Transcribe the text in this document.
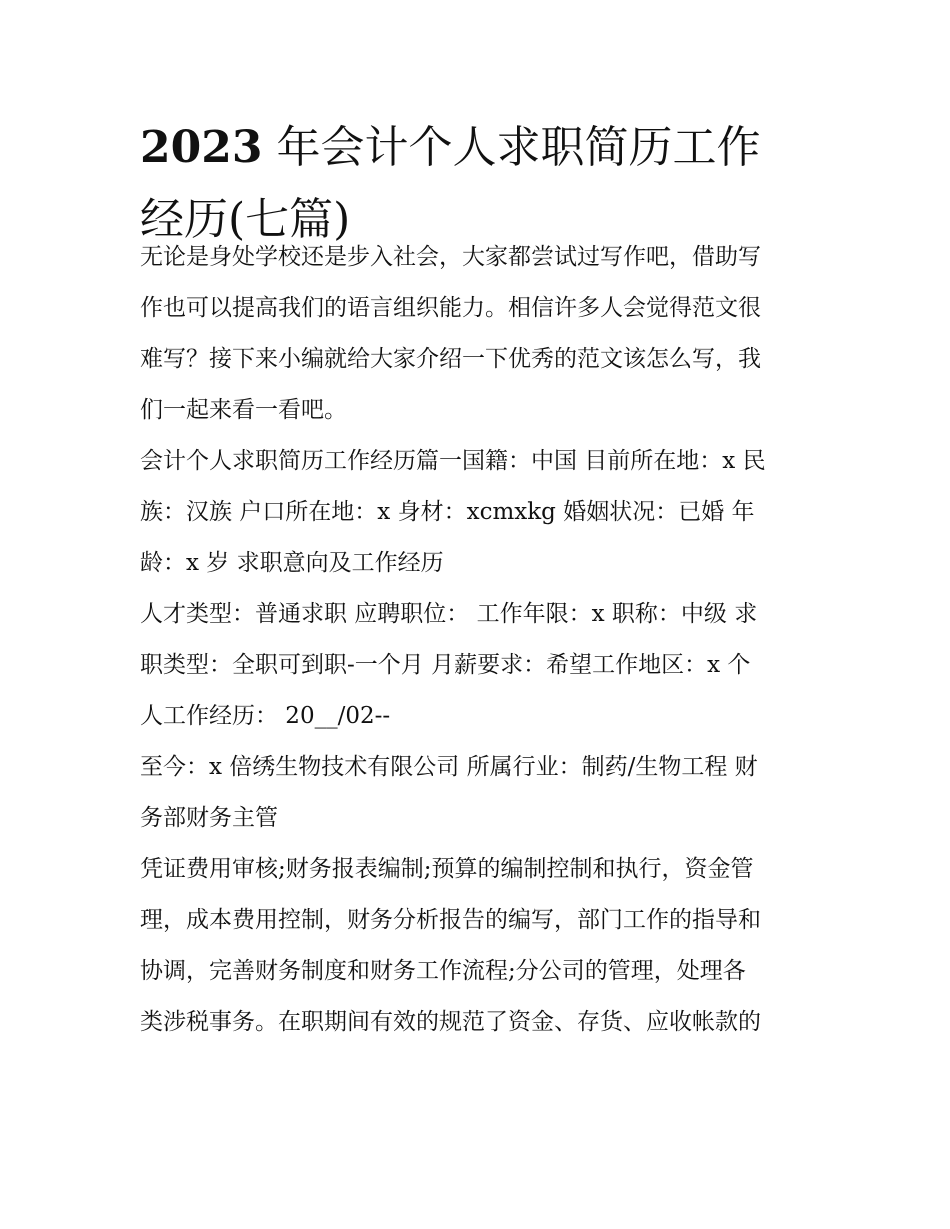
2023 年会计个人求职简历工作
经历(七篇)
无论是身处学校还是步入社会，大家都尝试过写作吧，借助写
作也可以提高我们的语言组织能力。相信许多人会觉得范文很
难写？接下来小编就给大家介绍一下优秀的范文该怎么写，我
们一起来看一看吧。
会计个人求职简历工作经历篇一国籍：中国 目前所在地：x 民
族：汉族 户口所在地：x 身材：xcmxkg 婚姻状况：已婚 年
龄：x 岁 求职意向及工作经历
人才类型：普通求职 应聘职位： 工作年限：x 职称：中级 求
职类型：全职可到职-一个月 月薪要求：希望工作地区：x 个
人工作经历： 20__/02--
至今：x 倍绣生物技术有限公司 所属行业：制药/生物工程 财
务部财务主管
凭证费用审核;财务报表编制;预算的编制控制和执行，资金管
理，成本费用控制，财务分析报告的编写，部门工作的指导和
协调，完善财务制度和财务工作流程;分公司的管理，处理各
类涉税事务。在职期间有效的规范了资金、存货、应收帐款的
